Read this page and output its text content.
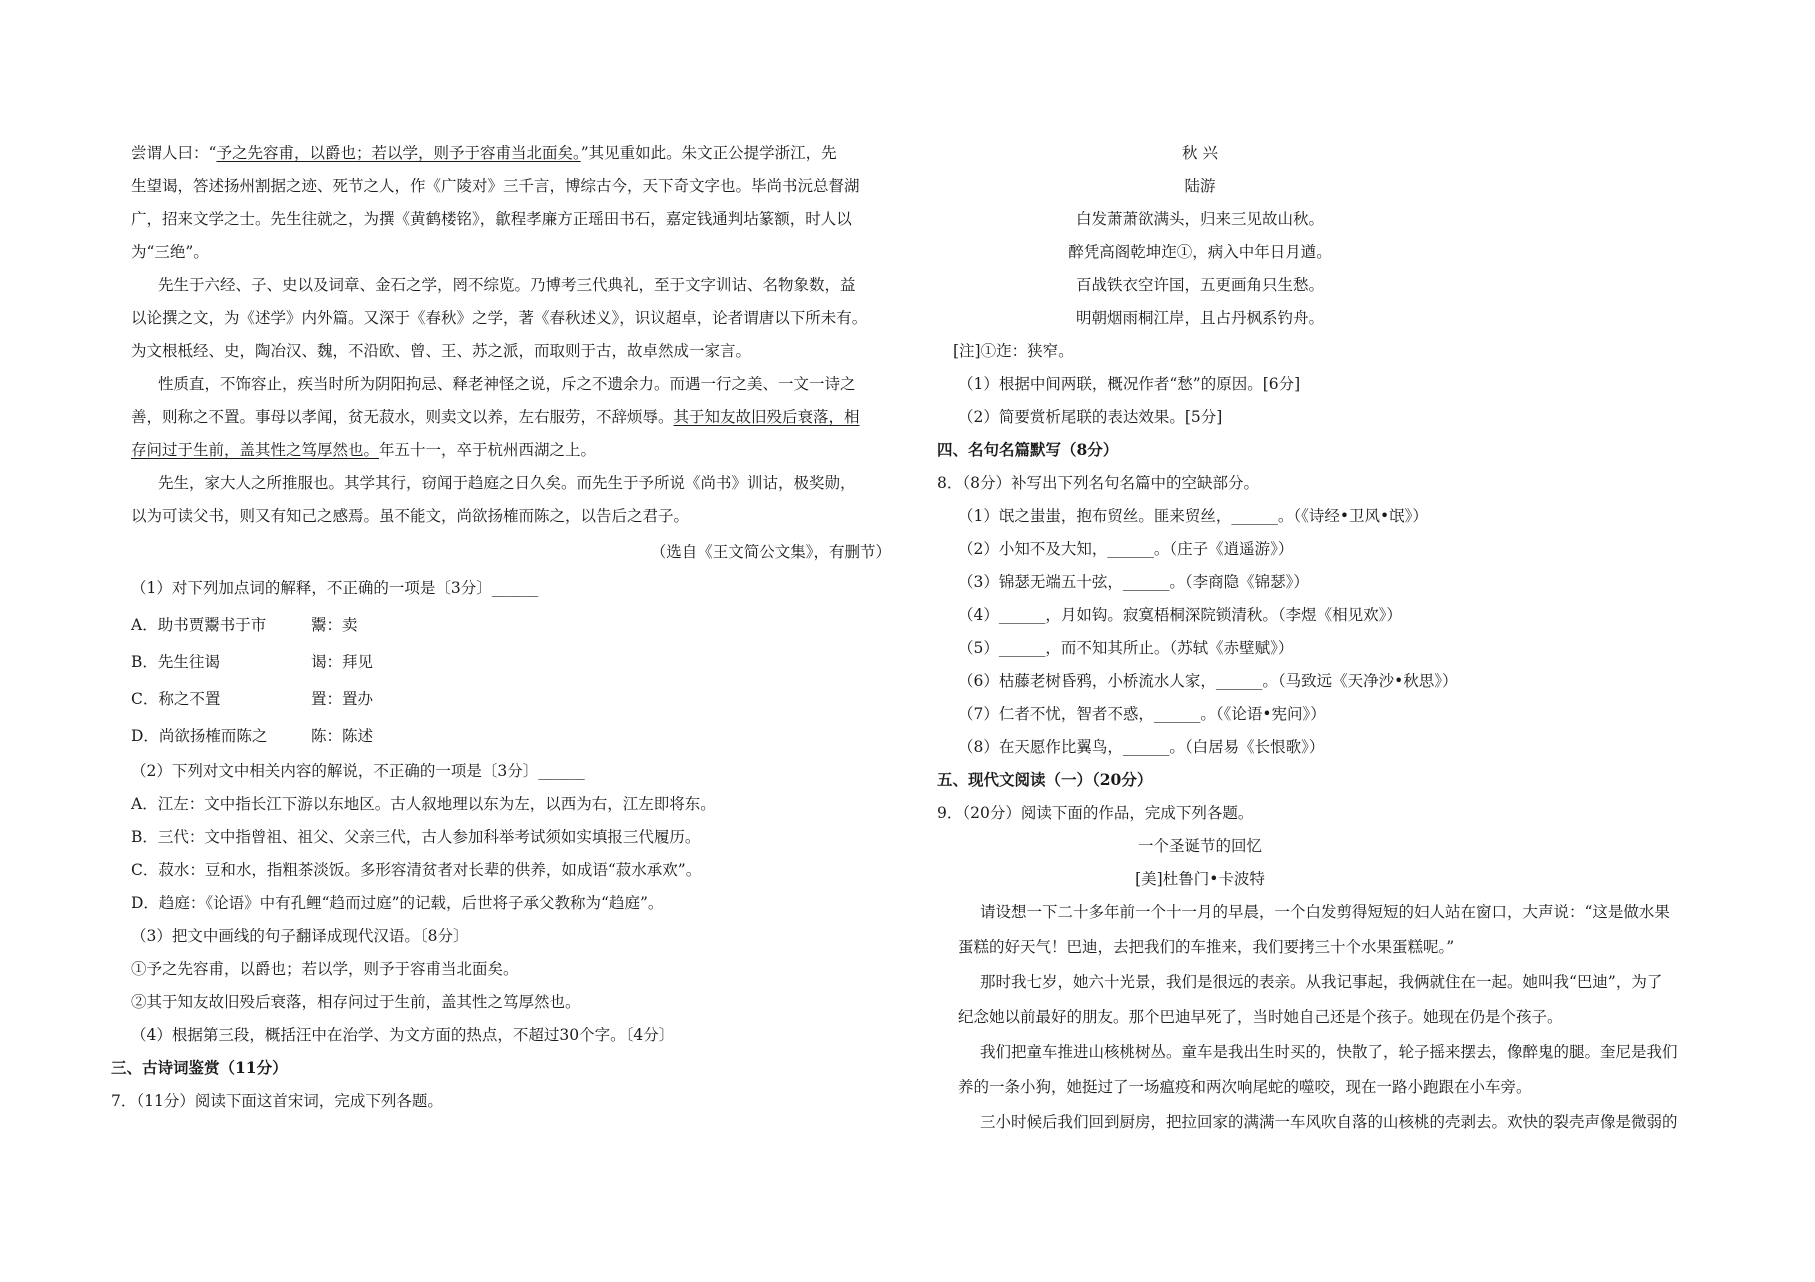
尝谓人曰：“予之先容甫，以爵也；若以学，则予于容甫当北面矣。”其见重如此。朱文正公提学浙江，先
生望谒，答述扬州割据之迹、死节之人，作《广陵对》三千言，博综古今，天下奇文字也。毕尚书沅总督湖
广，招来文学之士。先生往就之，为撰《黄鹤楼铭》，歙程孝廉方正瑶田书石，嘉定钱通判坫篆额，时人以
为“三绝”。
先生于六经、子、史以及词章、金石之学，罔不综览。乃博考三代典礼，至于文字训诂、名物象数，益
以论撰之文，为《述学》内外篇。又深于《春秋》之学，著《春秋述义》，识议超卓，论者谓唐以下所未有。
为文根柢经、史，陶冶汉、魏，不沿欧、曾、王、苏之派，而取则于古，故卓然成一家言。
性质直，不饰容止，疾当时所为阴阳拘忌、释老神怪之说，斥之不遗余力。而遇一行之美、一文一诗之
善，则称之不置。事母以孝闻，贫无菽水，则卖文以养，左右服劳，不辞烦辱。其于知友故旧殁后衰落，相
存问过于生前，盖其性之笃厚然也。年五十一，卒于杭州西湖之上。
先生，家大人之所推服也。其学其行，窃闻于趋庭之日久矣。而先生于予所说《尚书》训诂，极奖勋，
以为可读父书，则又有知己之感焉。虽不能文，尚欲扬榷而陈之，以告后之君子。
（选自《王文简公文集》，有删节）
（1）对下列加点词的解释，不正确的一项是〔3分〕______
A．助书贾鬻书于市	鬻：卖
B．先生往谒	谒：拜见
C．称之不置	置：置办
D．尚欲扬榷而陈之	陈：陈述
（2）下列对文中相关内容的解说，不正确的一项是〔3分〕______
A．江左：文中指长江下游以东地区。古人叙地理以东为左，以西为右，江左即将东。
B．三代：文中指曾祖、祖父、父亲三代，古人参加科举考试须如实填报三代履历。
C．菽水：豆和水，指粗茶淡饭。多形容清贫者对长辈的供养，如成语“菽水承欢”。
D．趋庭：《论语》中有孔鲤“趋而过庭”的记载，后世将子承父教称为“趋庭”。
（3）把文中画线的句子翻译成现代汉语。〔8分〕
①予之先容甫，以爵也；若以学，则予于容甫当北面矣。
②其于知友故旧殁后衰落，相存问过于生前，盖其性之笃厚然也。
（4）根据第三段，概括汪中在治学、为文方面的热点，不超过30个字。〔4分〕
三、古诗词鉴赏（11分）
7．（11分）阅读下面这首宋词，完成下列各题。
秋 兴
陆游
白发萧萧欲满头，归来三见故山秋。
醉凭高阁乾坤迮①，病入中年日月遒。
百战铁衣空许国，五更画角只生愁。
明朝烟雨桐江岸，且占丹枫系钓舟。
[注]①迮：狭窄。
（1）根据中间两联，概况作者“愁”的原因。[6分]
（2）简要赏析尾联的表达效果。[5分]
四、名句名篇默写（8分）
8．（8分）补写出下列名句名篇中的空缺部分。
（1）氓之蚩蚩，抱布贸丝。匪来贸丝，______。（《诗经•卫风•氓》）
（2）小知不及大知，______。（庄子《逍遥游》）
（3）锦瑟无端五十弦，______。（李商隐《锦瑟》）
（4）______，月如钩。寂寞梧桐深院锁清秋。（李煜《相见欢》）
（5）______，而不知其所止。（苏轼《赤壁赋》）
（6）枯藤老树昏鸦，小桥流水人家，______。（马致远《天净沙•秋思》）
（7）仁者不忧，智者不惑，______。（《论语•宪问》）
（8）在天愿作比翼鸟，______。（白居易《长恨歌》）
五、现代文阅读（一）（20分）
9．（20分）阅读下面的作品，完成下列各题。
一个圣诞节的回忆
[美]杜鲁门•卡波特
请设想一下二十多年前一个十一月的早晨，一个白发剪得短短的妇人站在窗口，大声说：“这是做水果
蛋糕的好天气！巴迪，去把我们的车推来，我们要拷三十个水果蛋糕呢。”
那时我七岁，她六十光景，我们是很远的表亲。从我记事起，我俩就住在一起。她叫我“巴迪”，为了
纪念她以前最好的朋友。那个巴迪早死了，当时她自己还是个孩子。她现在仍是个孩子。
我们把童车推进山核桃树丛。童车是我出生时买的，快散了，轮子摇来摆去，像醉鬼的腿。奎尼是我们
养的一条小狗，她挺过了一场瘟疫和两次响尾蛇的噬咬，现在一路小跑跟在小车旁。
三小时候后我们回到厨房，把拉回家的满满一车风吹自落的山核桃的壳剥去。欢快的裂壳声像是微弱的
